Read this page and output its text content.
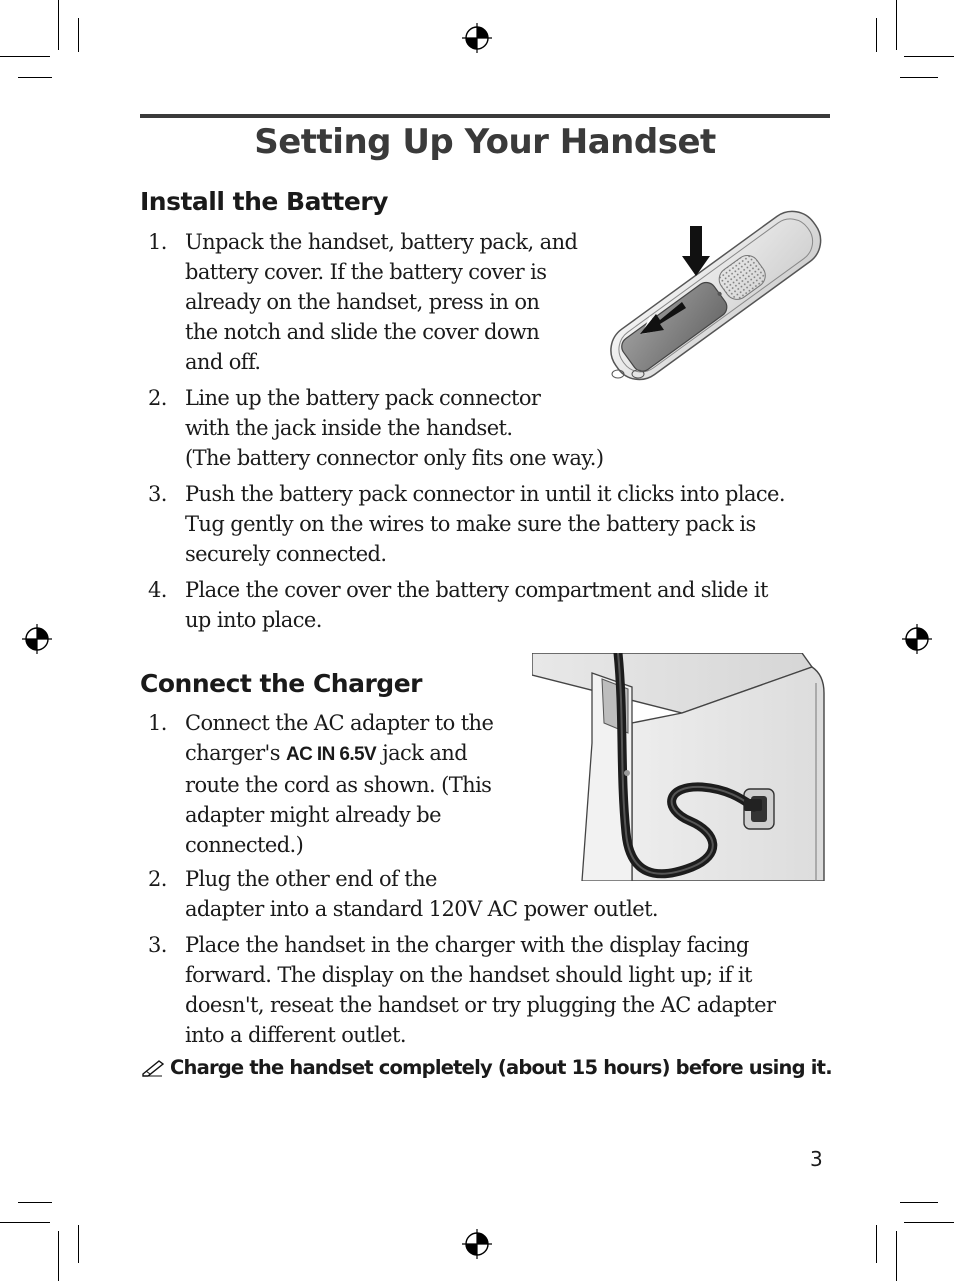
Setting Up Your Handset
Install the Battery
1. Unpack the handset, battery pack, and
battery cover. If the battery cover is
already on the handset, press in on
the notch and slide the cover down
and off.
2. Line up the battery pack connector
with the jack inside the handset.
(The battery connector only fits one way.)
3. Push the battery pack connector in until it clicks into place.
Tug gently on the wires to make sure the battery pack is
securely connected.
4. Place the cover over the battery compartment and slide it
up into place.
Connect the Charger
1. Connect the AC adapter to the
charger's AC IN 6.5V jack and
route the cord as shown. (This
adapter might already be
connected.)
2. Plug the other end of the
adapter into a standard 120V AC power outlet.
3. Place the handset in the charger with the display facing
forward. The display on the handset should light up; if it
doesn't, reseat the handset or try plugging the AC adapter
into a different outlet.
Charge the handset completely (about 15 hours) before using it.
3
